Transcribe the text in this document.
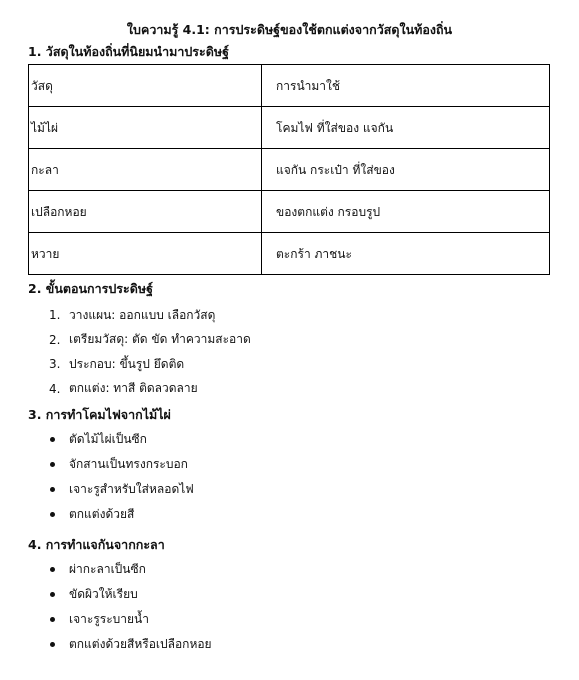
ใบความรู้ 4.1: การประดิษฐ์ของใช้ตกแต่งจากวัสดุในท้องถิ่น
1. วัสดุในท้องถิ่นที่นิยมนำมาประดิษฐ์
วัสดุ	การนำมาใช้
ไม้ไผ่	โคมไฟ ที่ใส่ของ แจกัน
กะลา	แจกัน กระเป๋า ที่ใส่ของ
เปลือกหอย	ของตกแต่ง กรอบรูป
หวาย	ตะกร้า ภาชนะ
2. ขั้นตอนการประดิษฐ์
1. วางแผน: ออกแบบ เลือกวัสดุ
2. เตรียมวัสดุ: ตัด ขัด ทำความสะอาด
3. ประกอบ: ขึ้นรูป ยึดติด
4. ตกแต่ง: ทาสี ติดลวดลาย
3. การทำโคมไฟจากไม้ไผ่
ตัดไม้ไผ่เป็นซีก
จักสานเป็นทรงกระบอก
เจาะรูสำหรับใส่หลอดไฟ
ตกแต่งด้วยสี
4. การทำแจกันจากกะลา
ผ่ากะลาเป็นซีก
ขัดผิวให้เรียบ
เจาะรูระบายน้ำ
ตกแต่งด้วยสีหรือเปลือกหอย
